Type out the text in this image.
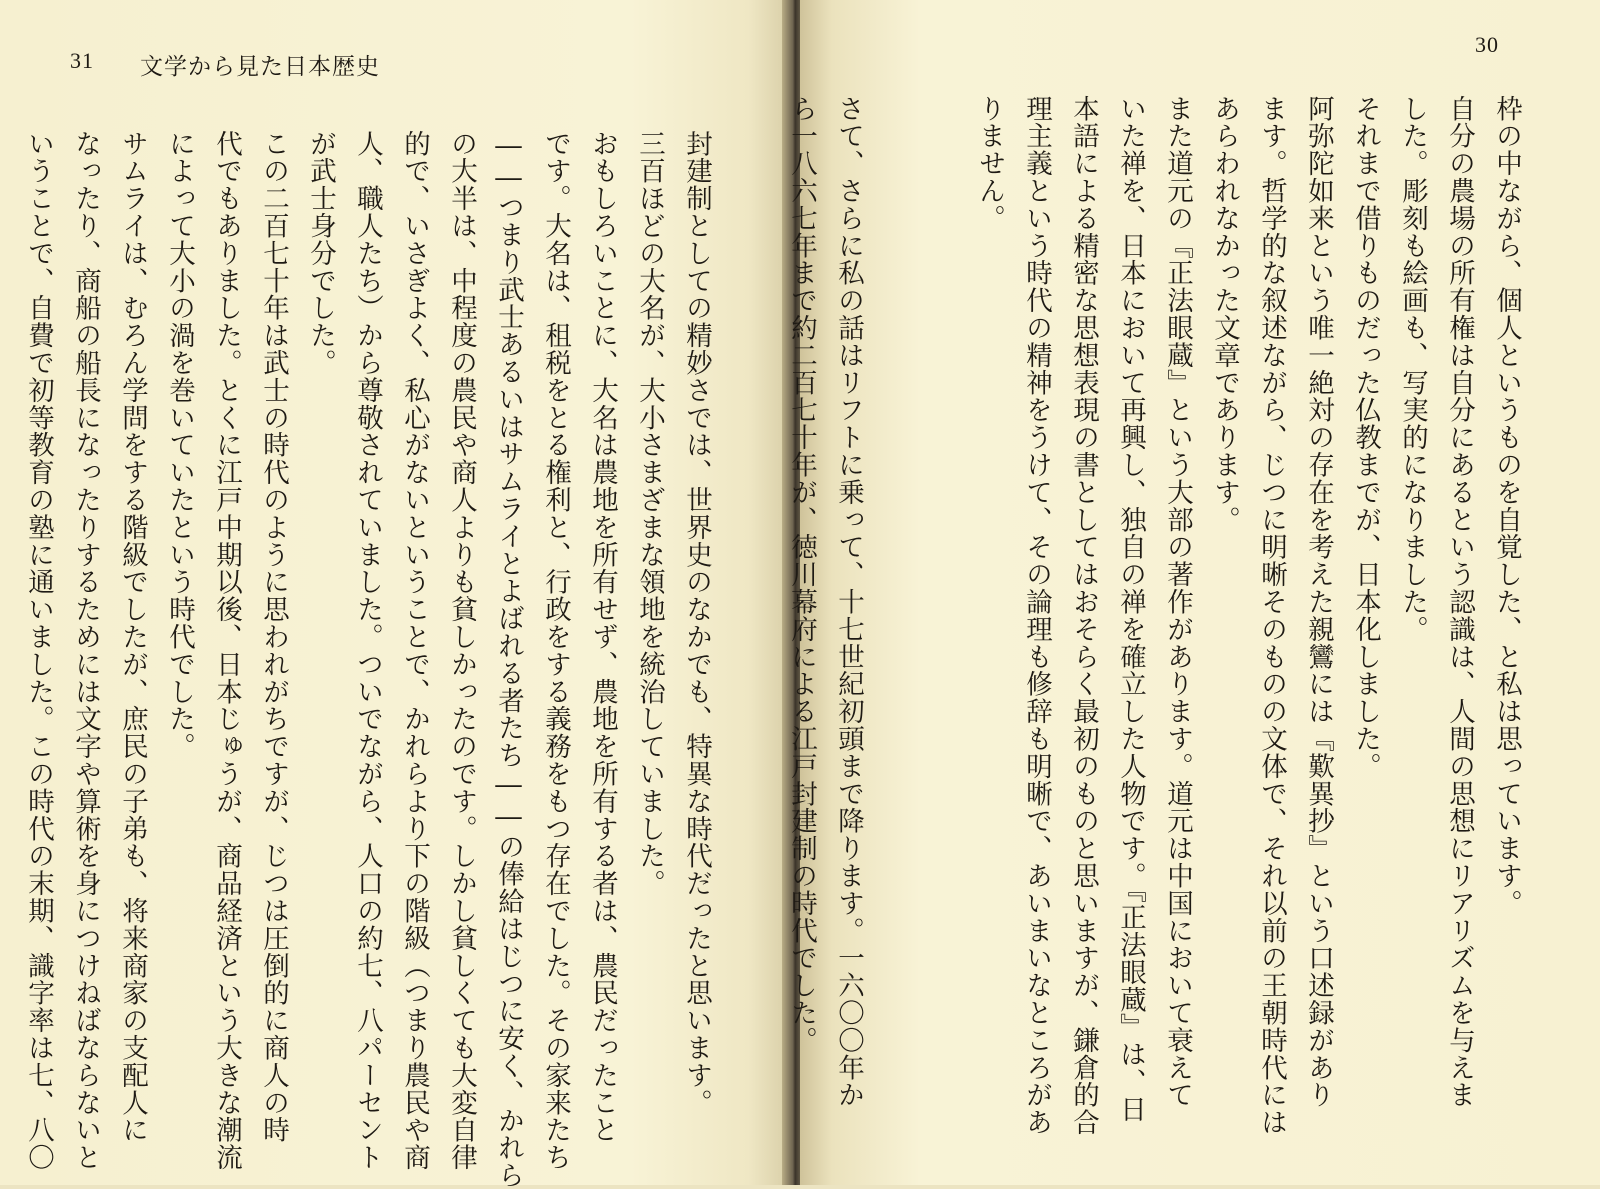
31 文学から見た日本歴史
封建制としての精妙さでは、世界史のなかでも、特異な時代だったと思います。
三百ほどの大名が、大小さまざまな領地を統治していました。
おもしろいことに、大名は農地を所有せず、農地を所有する者は、農民だったこと
です。大名は、租税をとる権利と、行政をする義務をもつ存在でした。その家来たち
――つまり武士あるいはサムライとよばれる者たち――の俸給はじつに安く、かれら
の大半は、中程度の農民や商人よりも貧しかったのです。しかし貧しくても大変自律
的で、いさぎよく、私心がないということで、かれらより下の階級（つまり農民や商
人、職人たち）から尊敬されていました。ついでながら、人口の約七、八パーセント
が武士身分でした。
この二百七十年は武士の時代のように思われがちですが、じつは圧倒的に商人の時
代でもありました。とくに江戸中期以後、日本じゅうが、商品経済という大きな潮流
によって大小の渦を巻いていたという時代でした。
サムライは、むろん学問をする階級でしたが、庶民の子弟も、将来商家の支配人に
なったり、商船の船長になったりするためには文字や算術を身につけねばならないと
いうことで、自費で初等教育の塾に通いました。この時代の末期、識字率は七、八〇
30
枠の中ながら、個人というものを自覚した、と私は思っています。
自分の農場の所有権は自分にあるという認識は、人間の思想にリアリズムを与えま
した。彫刻も絵画も、写実的になりました。
それまで借りものだった仏教までが、日本化しました。
阿弥陀如来という唯一絶対の存在を考えた親鸞には『歎異抄』という口述録があり
ます。哲学的な叙述ながら、じつに明晰そのものの文体で、それ以前の王朝時代には
あらわれなかった文章であります。
また道元の『正法眼蔵』という大部の著作があります。道元は中国において衰えて
いた禅を、日本において再興し、独自の禅を確立した人物です。『正法眼蔵』は、日
本語による精密な思想表現の書としてはおそらく最初のものと思いますが、鎌倉的合
理主義という時代の精神をうけて、その論理も修辞も明晰で、あいまいなところがあ
りません。

さて、さらに私の話はリフトに乗って、十七世紀初頭まで降ります。一六〇〇年か
ら一八六七年まで約二百七十年が、徳川幕府による江戸封建制の時代でした。
